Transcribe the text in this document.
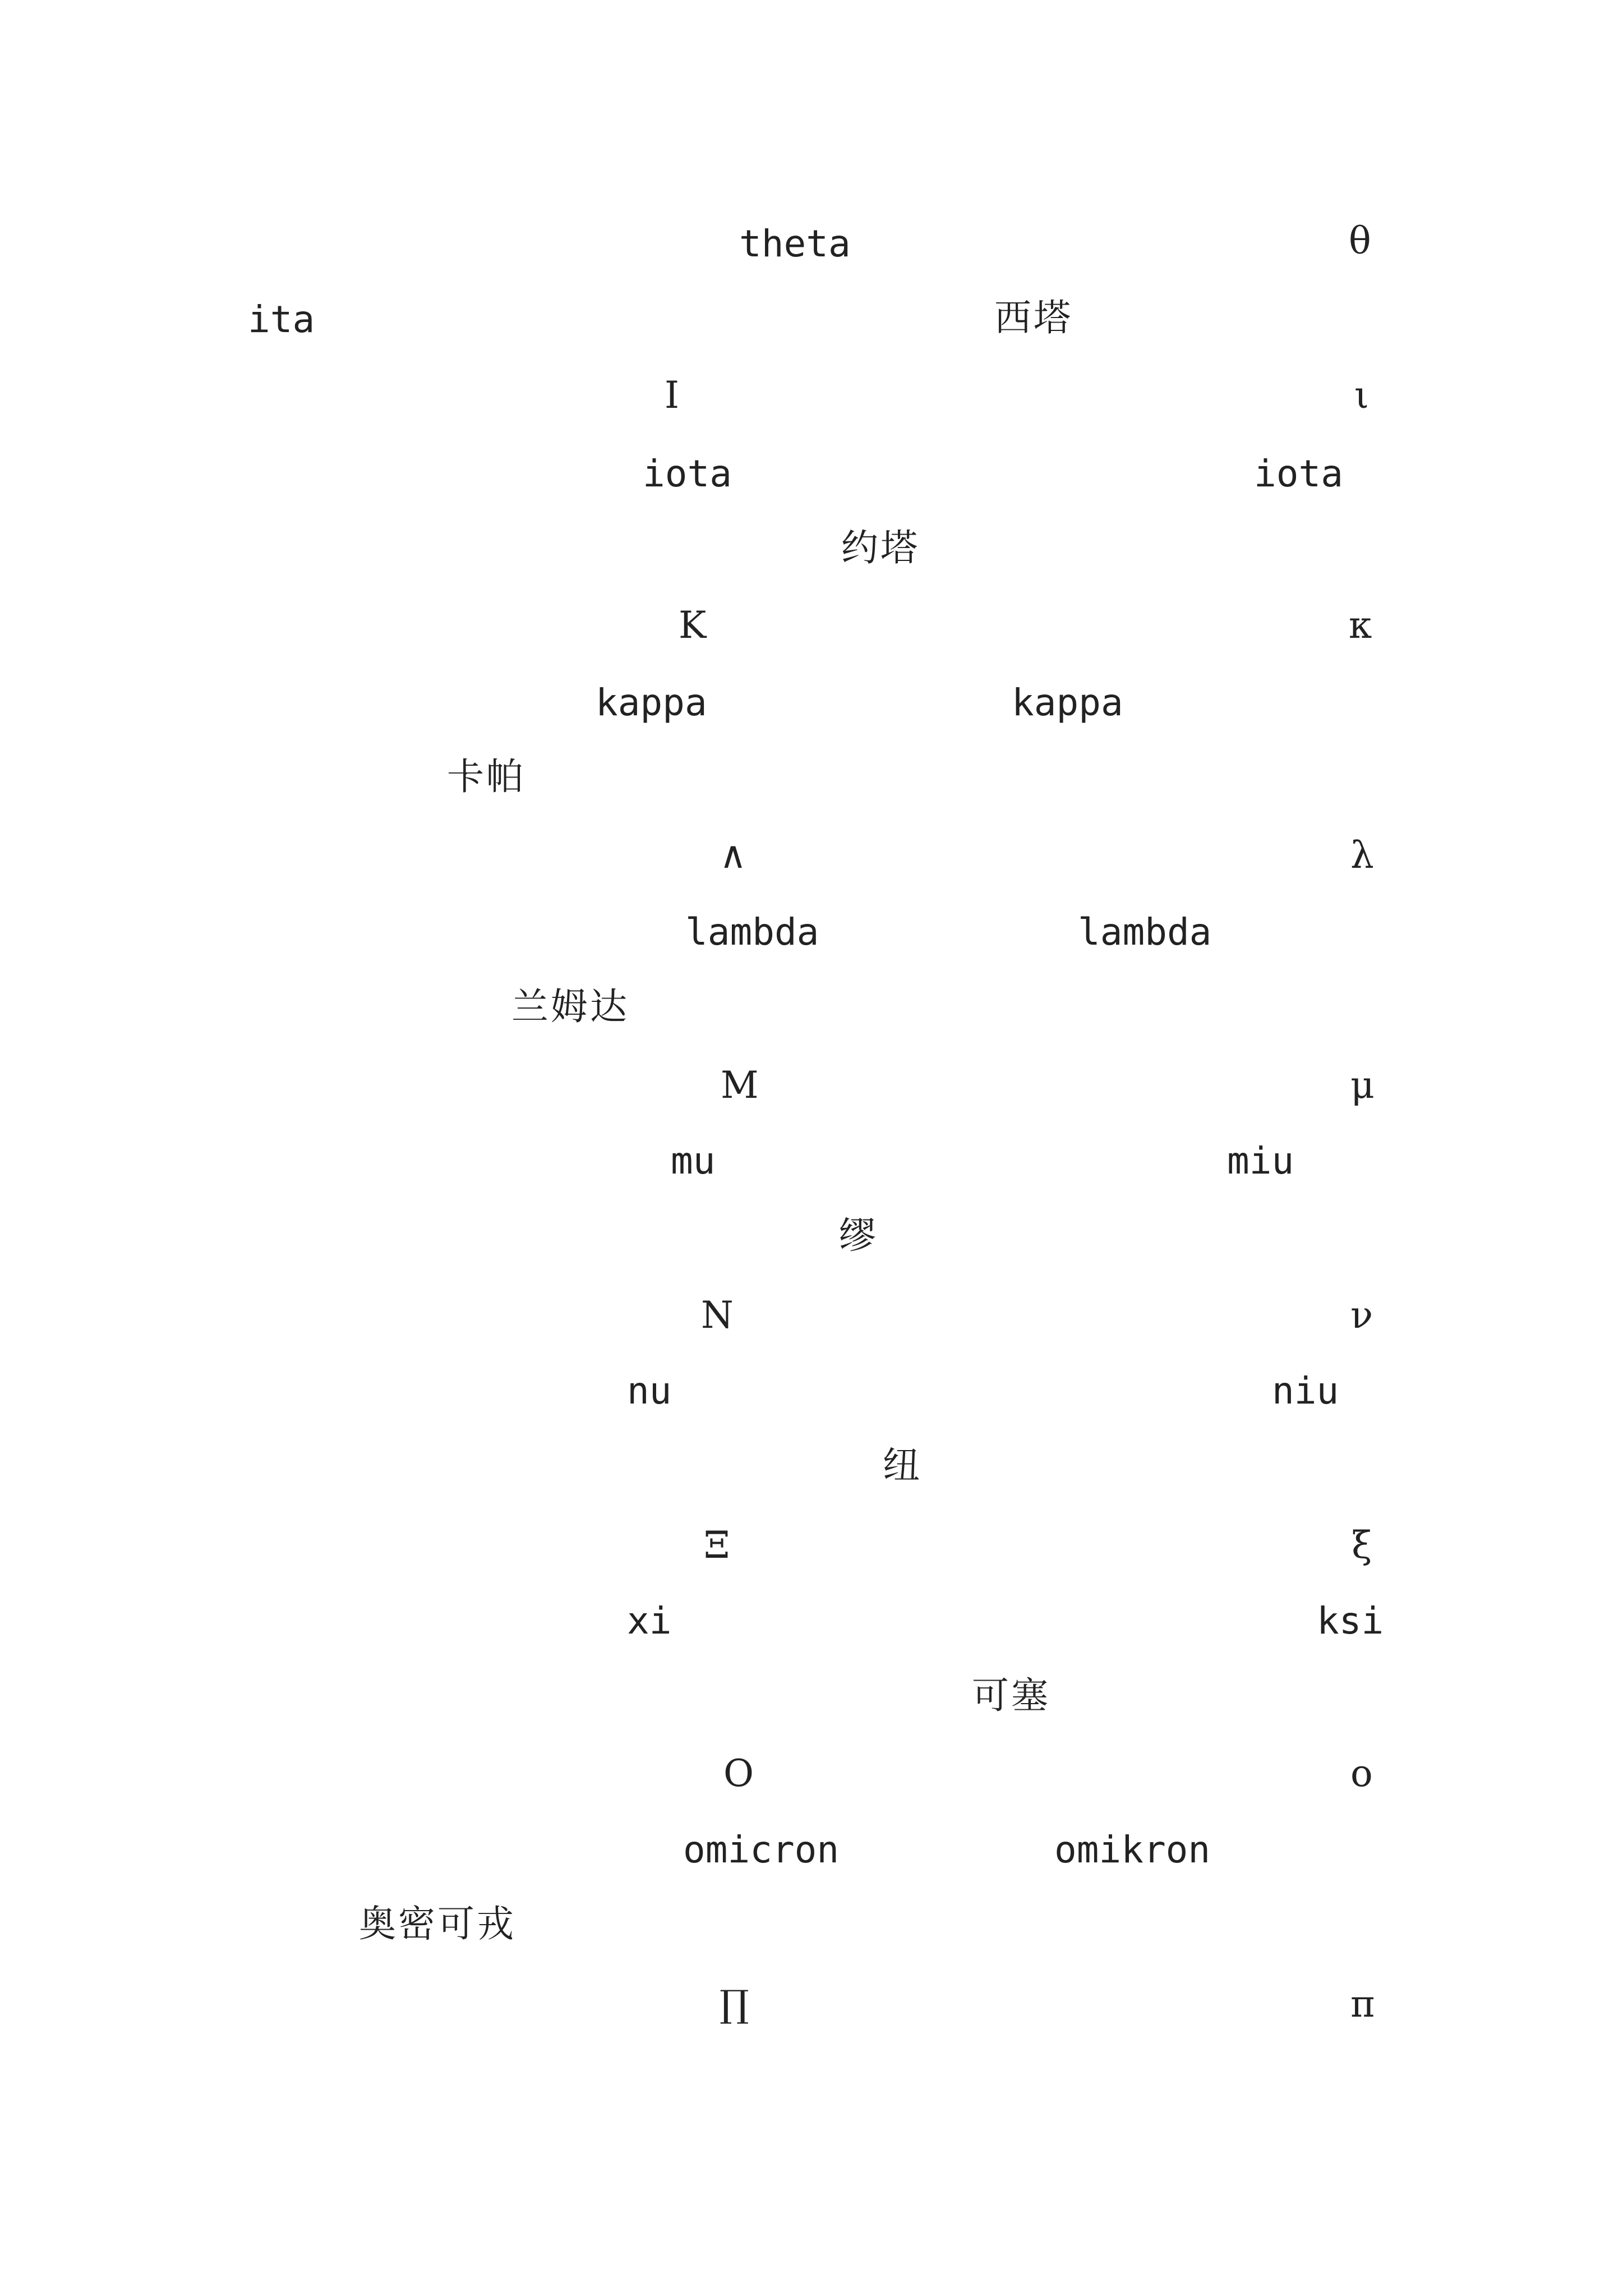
theta	θ
ita	西塔
I	ι
iota	iota
约塔
K	κ
kappa	kappa
卡帕
∧	λ
lambda	lambda
兰姆达
M	μ
mu	miu
缪
N	ν
nu	niu
纽
Ξ	ξ
xi	ksi
可塞
O	ο
omicron	omikron
奥密可戎
∏	π
